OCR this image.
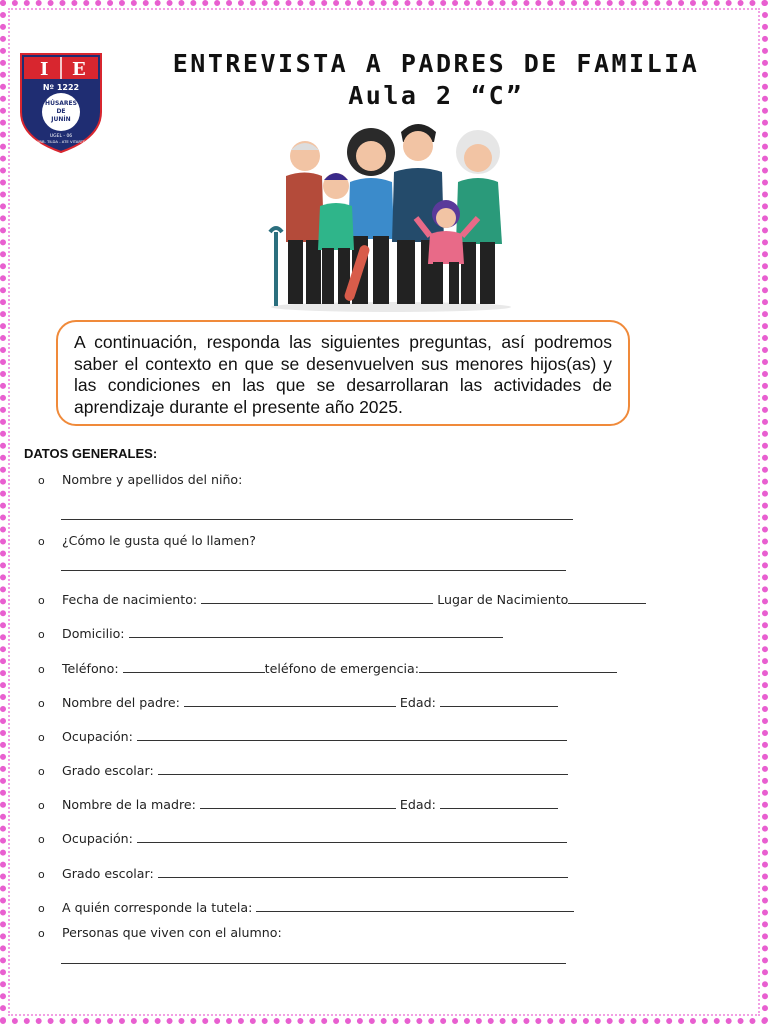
I E
Nº 1222
HÚSARES
DE
JUNÍN
UGEL - 06
URB. TILDA - ATE VITARTE
ENTREVISTA A PADRES DE FAMILIA
Aula 2 “C”
A continuación, responda las siguientes preguntas, así podremos saber el contexto en que se desenvuelven sus menores hijos(as) y las condiciones en las que se desarrollaran las actividades de aprendizaje durante el presente año 2025.
DATOS GENERALES:
o Nombre y apellidos del niño:
o ¿Cómo le gusta qué lo llamen?
o Fecha de nacimiento:	Lugar de Nacimiento
o Domicilio:
o Teléfono:	teléfono de emergencia:
o Nombre del padre:	Edad:
o Ocupación:
o Grado escolar:
o Nombre de la madre:	Edad:
o Ocupación:
o Grado escolar:
o A quién corresponde la tutela:
o Personas que viven con el alumno:
